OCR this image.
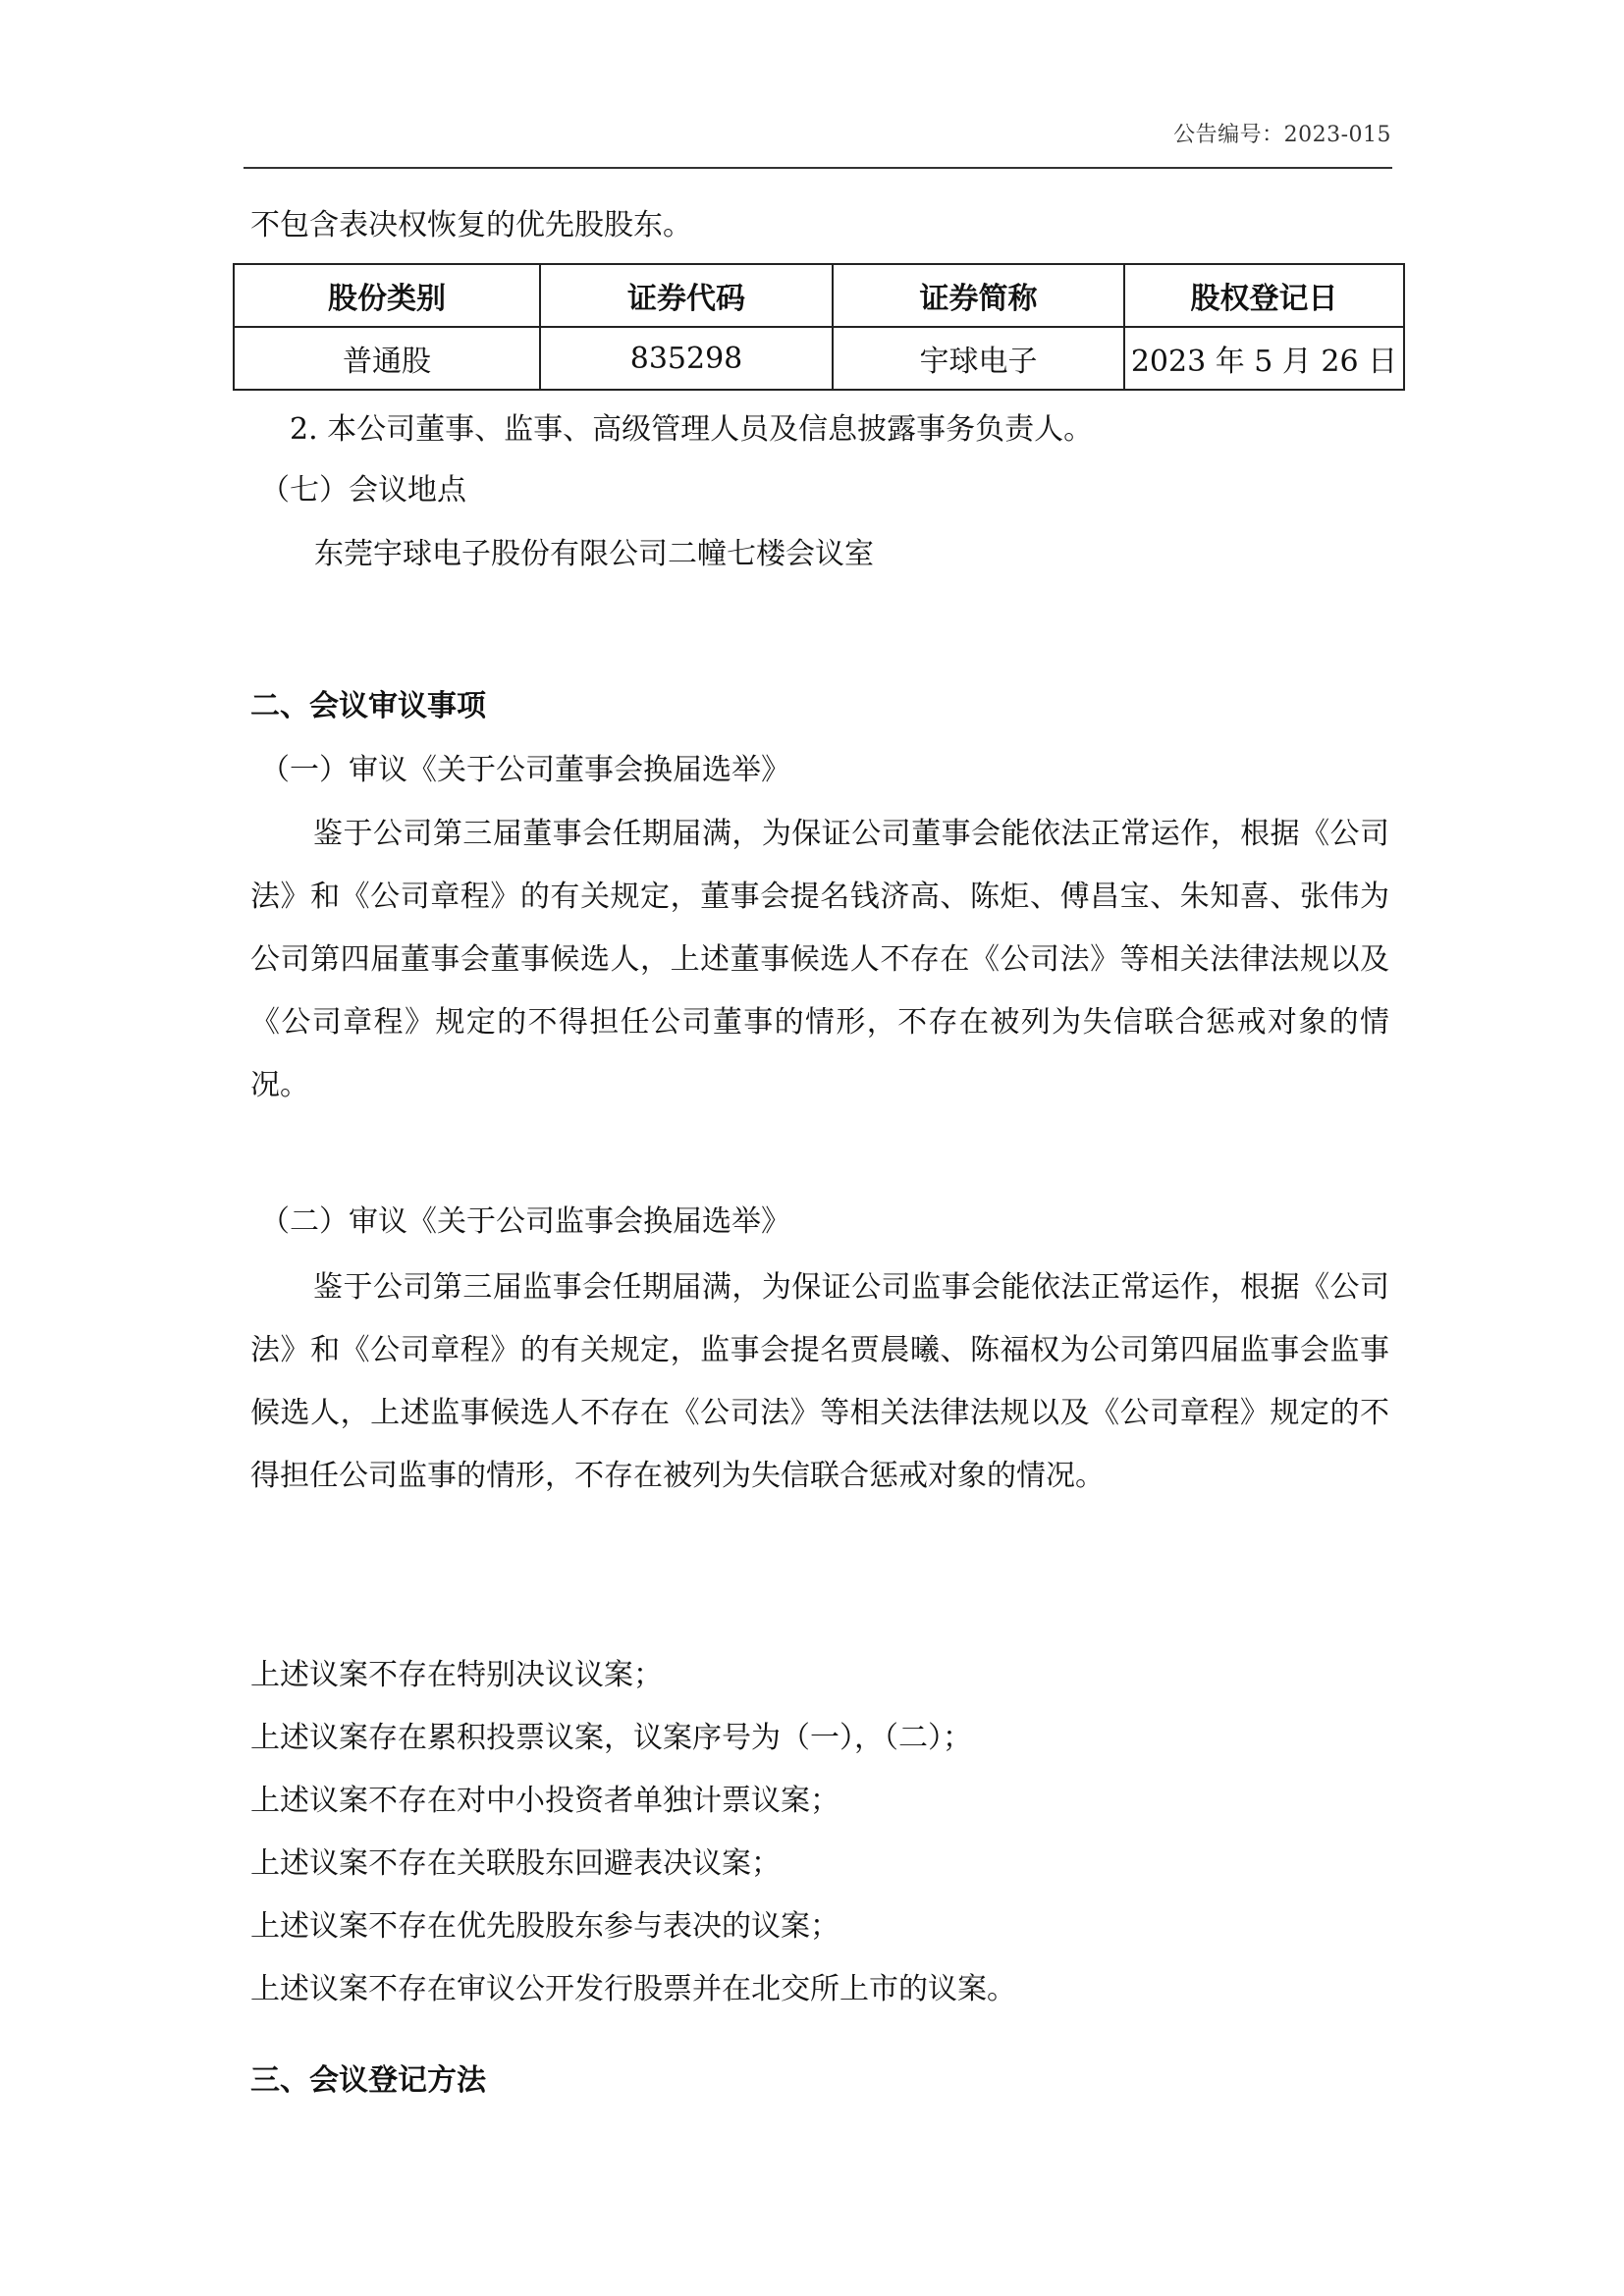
公告编号：2023-015
不包含表决权恢复的优先股股东。
股份类别	证券代码	证券简称	股权登记日
普通股	835298	宇球电子	2023 年 5 月 26 日
2. 本公司董事、监事、高级管理人员及信息披露事务负责人。
（七）会议地点
东莞宇球电子股份有限公司二幢七楼会议室
二、会议审议事项
（一）审议《关于公司董事会换届选举》
鉴于公司第三届董事会任期届满，为保证公司董事会能依法正常运作，根据《公司法》和《公司章程》的有关规定，董事会提名钱济高、陈炬、傅昌宝、朱知喜、张伟为公司第四届董事会董事候选人，上述董事候选人不存在《公司法》等相关法律法规以及《公司章程》规定的不得担任公司董事的情形，不存在被列为失信联合惩戒对象的情况。
（二）审议《关于公司监事会换届选举》
鉴于公司第三届监事会任期届满，为保证公司监事会能依法正常运作，根据《公司法》和《公司章程》的有关规定，监事会提名贾晨曦、陈福权为公司第四届监事会监事候选人，上述监事候选人不存在《公司法》等相关法律法规以及《公司章程》规定的不得担任公司监事的情形，不存在被列为失信联合惩戒对象的情况。
上述议案不存在特别决议议案；
上述议案存在累积投票议案，议案序号为（一），（二）；
上述议案不存在对中小投资者单独计票议案；
上述议案不存在关联股东回避表决议案；
上述议案不存在优先股股东参与表决的议案；
上述议案不存在审议公开发行股票并在北交所上市的议案。
三、会议登记方法
